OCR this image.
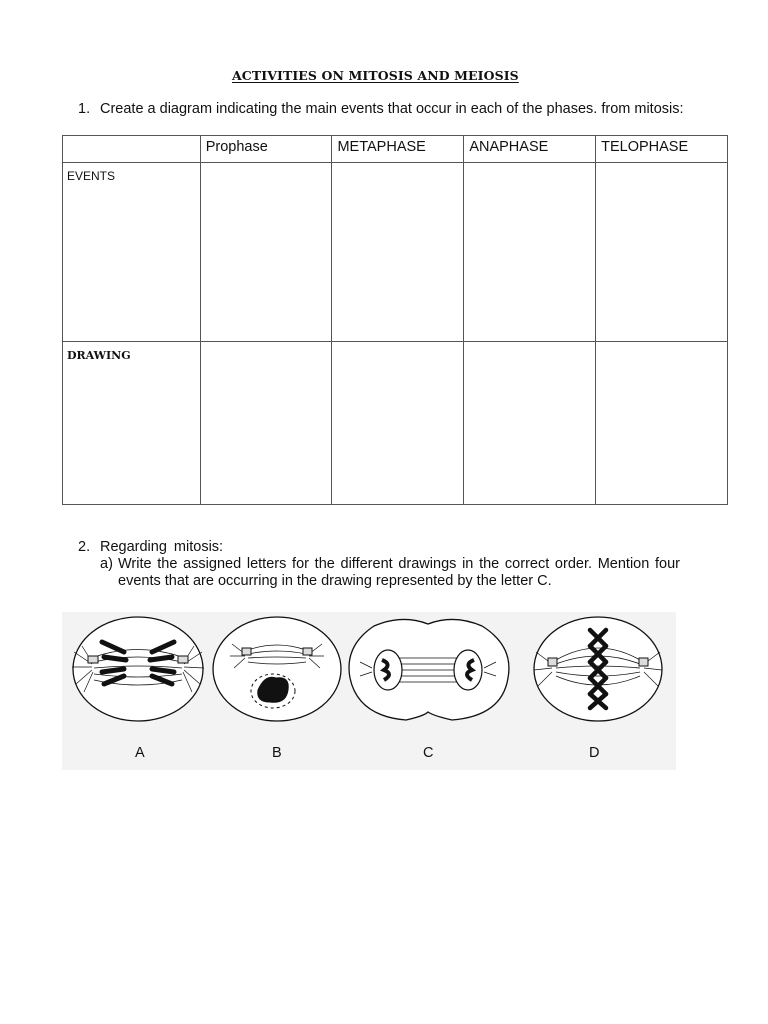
ACTIVITIES ON MITOSIS AND MEIOSIS
1. Create a diagram indicating the main events that occur in each of the phases. from mitosis:
	Prophase	METAPHASE	ANAPHASE	TELOPHASE
EVENTS				
DRAWING				
2. Regarding mitosis:
a) Write the assigned letters for the different drawings in the correct order. Mention four events that are occurring in the drawing represented by the letter C.
A	B	C	D
